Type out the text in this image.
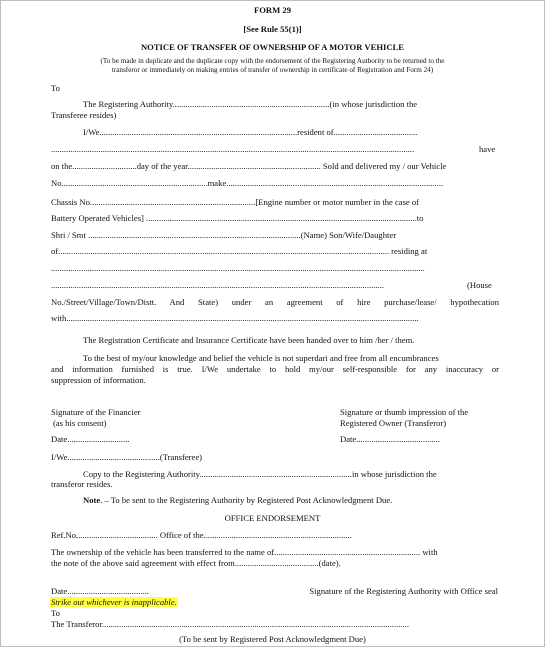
FORM 29
[See Rule 55(1)]
NOTICE OF TRANSFER OF OWNERSHIP OF A MOTOR VEHICLE
(To be made in duplicate and the duplicate copy with the endorsement of the Registering Authority to be returned to the
transferor or immediately on making entries of transfer of ownership in certificate of Registration and Form 24)
To
The Registering Authority.........................................................................(in whose jurisdiction the
Transferee resides)
I/We............................................................................................resident of.......................................
.........................................................................................................................................................................	have
on the..............................day of the year.............................................................. Sold and delivered my / our Vehicle
No....................................................................make.....................................................................................................
Chassis No.............................................................................[Engine number or motor number in the case of
Battery Operated Vehicles] ..............................................................................................................................to
Shri / Smt ...................................................................................................(Name) Son/Wife/Daughter
of.......................................................................................................................................................... residing at
..............................................................................................................................................................................
...........................................................................................................................................................	(House
No./Street/Village/Town/Distt. And State) under an agreement of hire purchase/lease/ hypothecation
with....................................................................................................................................................................
The Registration Certificate and Insurance Certificate have been handed over to him /her / them.
To the best of my/our knowledge and belief the vehicle is not superdari and free from all encumbrances
and information furnished is true. I/We undertake to hold my/our self-responsible for any inaccuracy or
suppression of information.
Signature of the Financier
(as his consent)
Date.............................
Signature or thumb impression of the
Registered Owner (Transferor)
Date.......................................
I/We...........................................(Transferee)
Copy to the Registering Authority.......................................................................in whose jurisdiction the
transferor resides.
Note. – To be sent to the Registering Authority by Registered Post Acknowledgment Due.
OFFICE ENDORSEMENT
Ref.No...................................... Office of the.....................................................................
The ownership of the vehicle has been transferred to the name of.................................................................... with
the note of the above said agreement with effect from.......................................(date).
Date......................................	Signature of the Registering Authority with Office seal
Strike out whichever is inapplicable.
To
The Transferor...............................................................................................................................................
(To be sent by Registered Post Acknowledgment Due)
